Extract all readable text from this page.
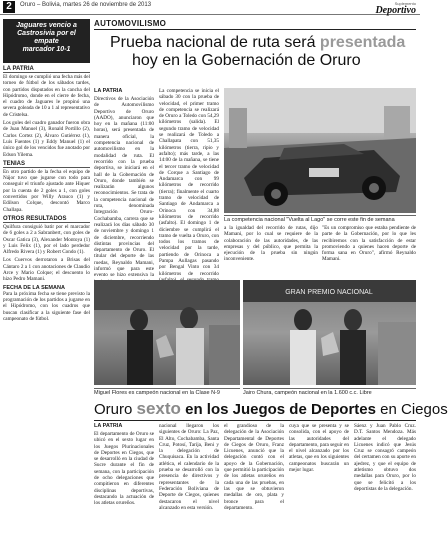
2	Oruro – Bolivia, martes 26 de noviembre de 2013	Suplemento
Deportivo
Jaguares vencio a
Castrosivia por el empate
marcador 10-1
LA PATRIA

El domingo se cumplió una fecha más del torneo de fútbol de los sábados tardes, con partidos disputados en la cancha del Hipódromo, donde en el cierre de fecha, el cuadro de Jaguares le propinó una severa goleada de 10 a 1 al representativo de Cristelsa.

Los goles del cuadro ganador fueron obra de Juan Manuel (3), Ronald Portillo (2), Carlos Cortez (2), Álvaro Gutiérrez (1), Luis Fuentes (1) y Eddy Manuel (1) el único gol de los vencidos fue anotado por Edson Yilema.

TENIAS

En otro partido de la fecha el equipo de Nájor tuvo que jugarse con todo para conseguir el triunfo ajustado ante Hiquer por la cuenta de 2 goles a 1, con goles convertidos por Willy Arauco (1) y Edilson Colque, descontó Marco Challapa.

OTROS RESULTADOS

Quilfura consiguió batir por el marcador de 6 goles a 2 a Sabranbert, con goles de Oscar Gatica (3), Alexander Montoya (1) y Luis Felix (1), por el lado perdedor Alfredo Rivera (1) y Robert Condo (1).

Los Cuervos derrotaron a Brisas del Cántaro 2 a 1 con anotaciones de Claudio Arce y Mario Colque; el descuento lo hizo Pedro Mamani.

FECHA DE LA SEMANA

Para la próxima fecha se tiene previsto la programación de los partidos a jugarse en el Hipódromo, con los cuadros que buscan clasificar a la siguiente fase del campeonato de fútbol.

AUTOMOVILISMO
Prueba nacional de ruta será presentada
hoy en la Gobernación de Oruro
LA PATRIA
Directivos de la Asociación de Automovilismo Deportivo de Oruro (AADO), anunciaron que hoy en la mañana (11:00 horas), será presentada de manera oficial, la competencia nacional de automovilismo en la modalidad de ruta. El recorrido con la prueba deportiva, se iniciará en el hall de la Gobernación de Oruro, donde también se realizarán algunos reconocimientos. Se trata de la competencia nacional de ruta, denominada Integración Oruro-Cochabamba, carrera que se realizará los días sábado 30 de noviembre y domingo 1 de diciembre, recorriendo distintas provincias del departamento de Oruro. El titular del deporte de las ruedas, Reynaldo Mamani, informó que para este evento se hizo extensiva la
La competencia se inicia el sábado 30 con la prueba de velocidad, el primer tramo de competencia se realizará de Oruro a Toledo con 54,29 kilómetros (salida). El segundo tramo de velocidad se realizará de Toledo a Challapata con 51,35 kilómetros (tierra, ripio y asfalto); más tarde, a las 14:00 de la mañana, se tiene el tercer tramo de velocidad de Corque a Santiago de Andamarca con 99 kilómetros de recorrido (tierra); finalmente el cuarto tramo de velocidad de Santiago de Andamarca a Orinoca con 34,88 kilómetros de recorrido (asfalto). El domingo 1 de diciembre se cumplirá el tramo de vuelta a Oruro, con todos los tramos de velocidad por la tarde, partiendo de Orinoca a Pampa Aullagas pasando por Bengal Vinto con 34 kilómetros de recorrido
La competencia nacional "Vuelta al Lago" se corre este fin de semana
a la igualdad del recorrido de rutas, dijo Mamani, por lo cual se requiere de la colaboración de las autoridades, de las empresas y del público, que permita la ejecución de la prueba sin ningún inconveniente.
"Es un compromiso que estaba pendiente de parte de la Gobernación, por lo que les recibiremos con la satisfacción de estar promoviendo a quienes hacen deporte de forma sana en Oruro", afirmó Reynaldo Mamani.
GRAN PREMIO NACIONAL
Miguel Flores es campeón nacional en la Clase N-9	Jairo Chura, campeón nacional en la 1.600 c.c. Libre
Oruro sexto en los Juegos de Deportes en Ciegos
LA PATRIA
El departamento de Oruro se ubicó en el sexto lugar en los Juegos Plurinacionales de Deportes en Ciegos, que se desarrolló en la ciudad de Sucre durante el fin de semana, con la participación de ocho delegaciones que compitieron en diferentes disciplinas deportivas, destacando la actuación de los atletas orureños.
nacional llegaron los siguientes de Oruro: La Paz, El Alto, Cochabamba, Santa Cruz, Potosí, Tarija, Beni y la delegación de Chuquisaca. En la actividad atlética, el calendario de la prueba se desarrolló con la presencia de directivos y representantes de la Federación Boliviana de Deporte de Ciegos, quienes destacaron el nivel alcanzado en esta versión.
el grandioso de la delegación de la Asociación Departamental de Deportes de Ciegos de Oruro, Franz Licuenes, anunció que la delegación contó con el apoyo de la Gobernación, que permitió la participación de los atletas orureños en cada una de las pruebas, en las que se obtuvieron medallas de oro, plata y bronce para el departamento.
cuya que se presenta y se consolida, con el apoyo de las autoridades del departamento, para seguir en el nivel alcanzado por los atletas, que en los siguientes campeonatos buscarán un mejor lugar.
Sáenz y Juan Pablo Cruz. D.T. Santos Mendoza. Más adelante el delegado Licuenes indicó que Jesús Cruz se consagró campeón del certamen con su aporte en ajedrez, y que el equipo de atletismo obtuvo dos medallas para Oruro, por lo que se felicitó a los deportistas de la delegación.
